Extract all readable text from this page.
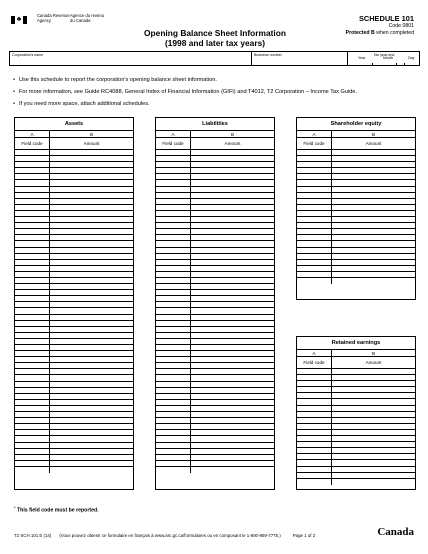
♣
Canada Revenue
Agency
Agence du revenu
du Canada
Opening Balance Sheet Information
(1998 and later tax years)
SCHEDULE 101
Code 0801
Protected B when completed
Corporation's name	Business number	Tax year-end
Year	Month	Day
• Use this schedule to report the corporation's opening balance sheet information.
• For more information, see Guide RC4088, General Index of Financial Information (GIFI) and T4012, T2 Corporation – Income Tax Guide.
• If you need more space, attach additional schedules.
Assets
A	B
Field code	Amount
Liabilities
A	B
Field code	Amount
Shareholder equity
A	B
Field code	Amount
Retained earnings
A	B
Field code	Amount
* This field code must be reported.
T2 SCH 101 E (14) (Vous pouvez obtenir ce formulaire en français à www.arc.gc.ca/formulaires ou en composant le 1-800-959-7775.)	Page 1 of 2	Canada
